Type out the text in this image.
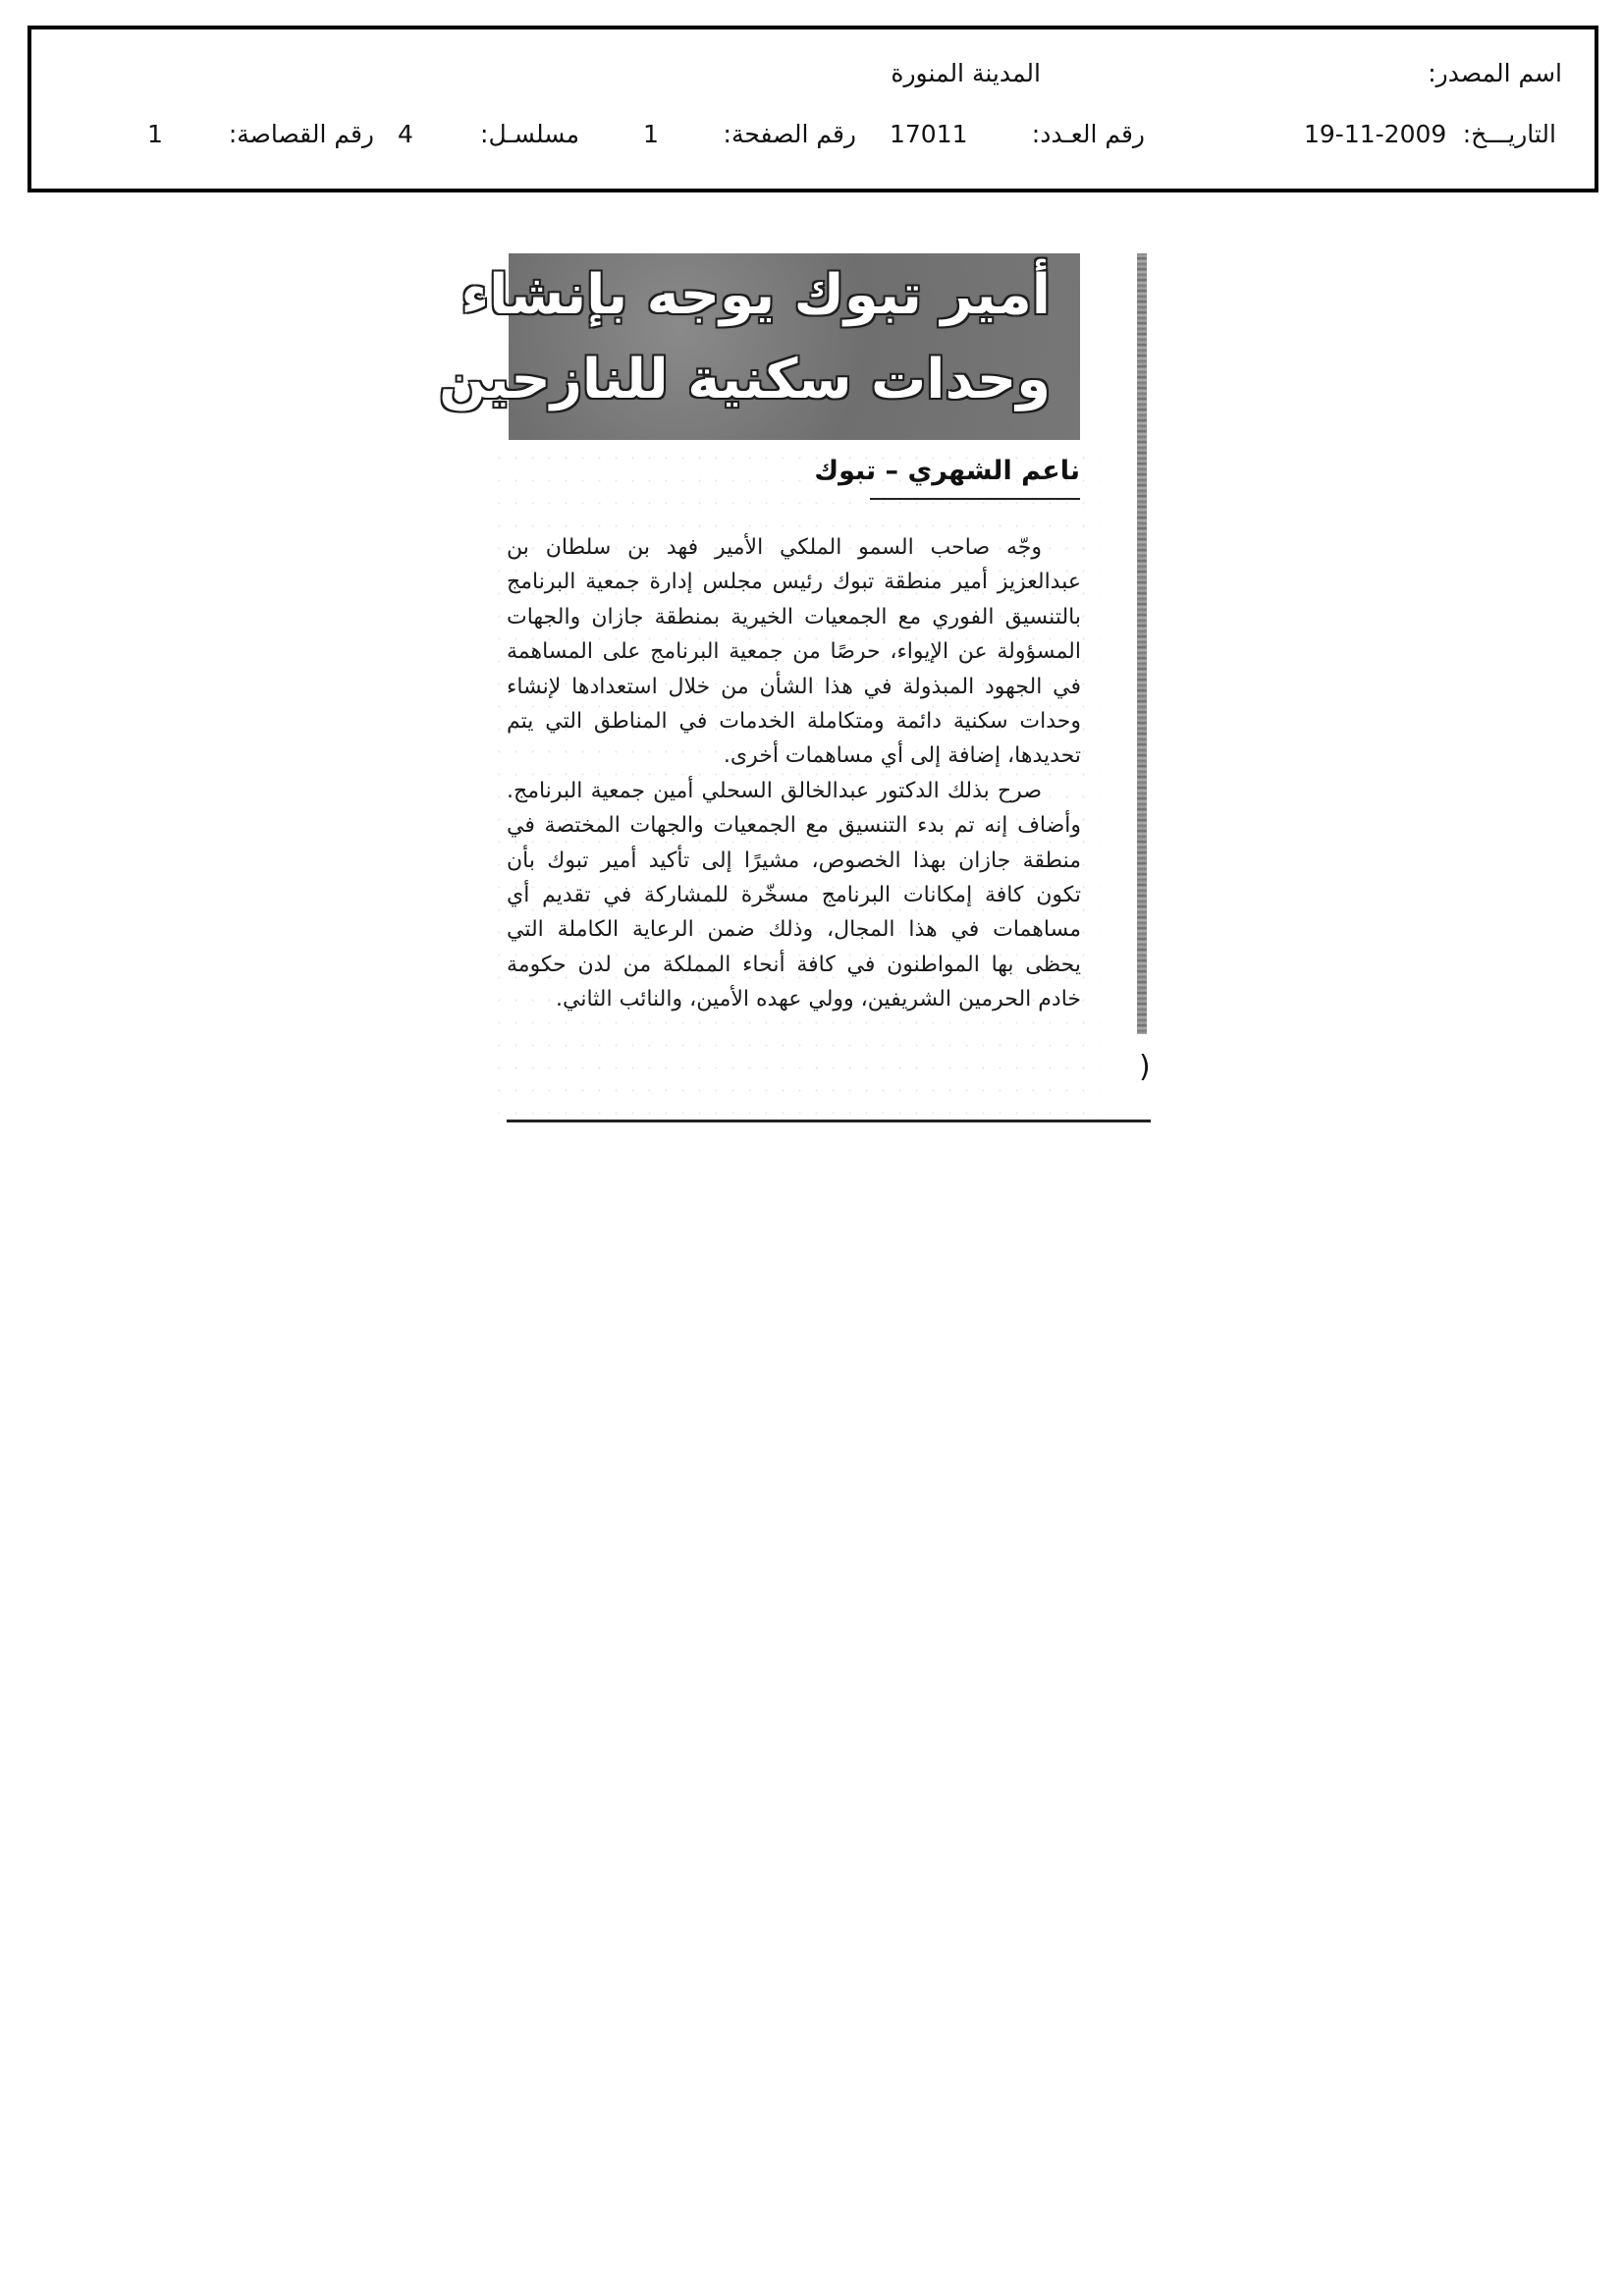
اسم المصدر:
المدينة المنورة
التاريـــخ:
19-11-2009
رقم العـدد:
17011
رقم الصفحة:
1
مسلسـل:
4
رقم القصاصة:
1
)
أمير تبوك يوجه بإنشاء
وحدات سكنية للنازحين
ناعم الشهري – تبوك

وجّه صاحب السمو الملكي الأمير فهد بن سلطان بن عبدالعزيز أمير منطقة تبوك رئيس مجلس إدارة جمعية البرنامج بالتنسيق الفوري مع الجمعيات الخيرية بمنطقة جازان والجهات المسؤولة عن الإيواء، حرصًا من جمعية البرنامج على المساهمة في الجهود المبذولة في هذا الشأن من خلال استعدادها لإنشاء وحدات سكنية دائمة ومتكاملة الخدمات في المناطق التي يتم تحديدها، إضافة إلى أي مساهمات أخرى.

صرح بذلك الدكتور عبدالخالق السحلي أمين جمعية البرنامج. وأضاف إنه تم بدء التنسيق مع الجمعيات والجهات المختصة في منطقة جازان بهذا الخصوص، مشيرًا إلى تأكيد أمير تبوك بأن تكون كافة إمكانات البرنامج مسخّرة للمشاركة في تقديم أي مساهمات في هذا المجال، وذلك ضمن الرعاية الكاملة التي يحظى بها المواطنون في كافة أنحاء المملكة من لدن حكومة خادم الحرمين الشريفين، وولي عهده الأمين، والنائب الثاني.
